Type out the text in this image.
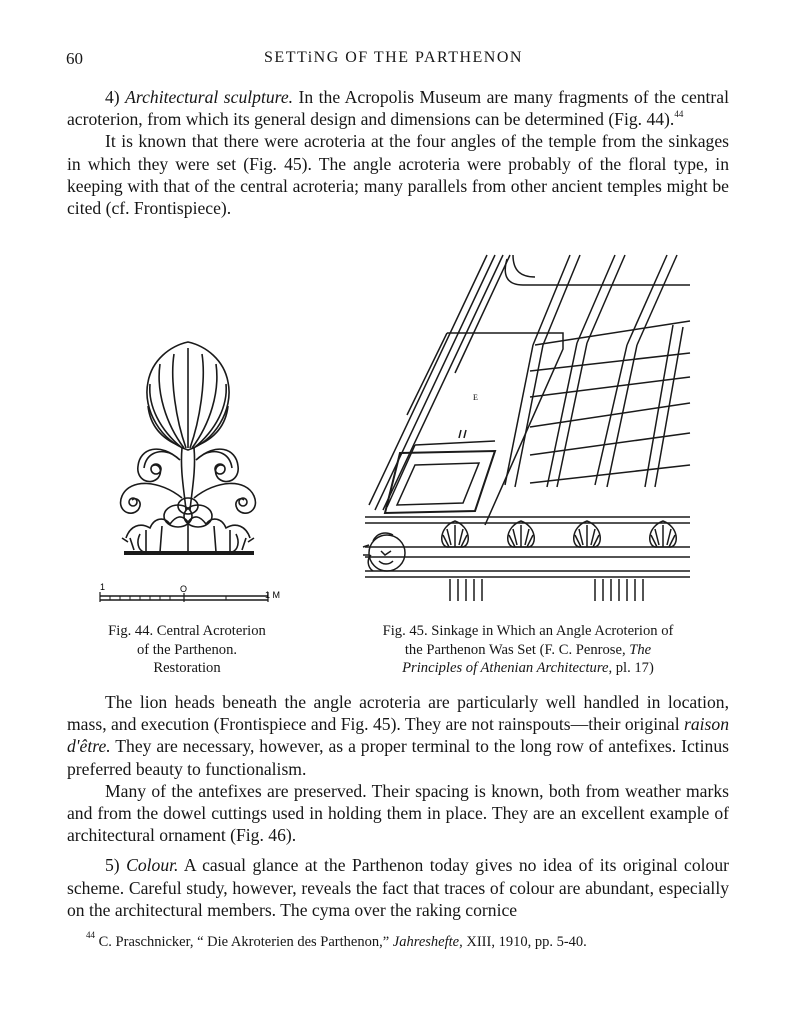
60	SETTiNG OF THE PARTHENON

4) Architectural sculpture. In the Acropolis Museum are many fragments of the central acroterion, from which its general design and dimensions can be determined (Fig. 44).$^{44}$

It is known that there were acroteria at the four angles of the temple from the sinkages in which they were set (Fig. 45). The angle acroteria were probably of the floral type, in keeping with that of the central acroteria; many parallels from other ancient temples might be cited (cf. Frontispiece).

1	O
1 M
E
Fig. 44. Central Acroterion
of the Parthenon.
Restoration
Fig. 45. Sinkage in Which an Angle Acroterion of
the Parthenon Was Set (F. C. Penrose, The
Principles of Athenian Architecture, pl. 17)

The lion heads beneath the angle acroteria are particularly well handled in location, mass, and execution (Frontispiece and Fig. 45). They are not rainspouts—their original raison d'être. They are necessary, however, as a proper terminal to the long row of antefixes. Ictinus preferred beauty to functionalism.

Many of the antefixes are preserved. Their spacing is known, both from weather marks and from the dowel cuttings used in holding them in place. They are an excellent example of architectural ornament (Fig. 46).

5) Colour. A casual glance at the Parthenon today gives no idea of its original colour scheme. Careful study, however, reveals the fact that traces of colour are abundant, especially on the architectural members. The cyma over the raking cornice

$^{44}$ C. Praschnicker, “ Die Akroterien des Parthenon,” Jahreshefte, XIII, 1910, pp. 5-40.
